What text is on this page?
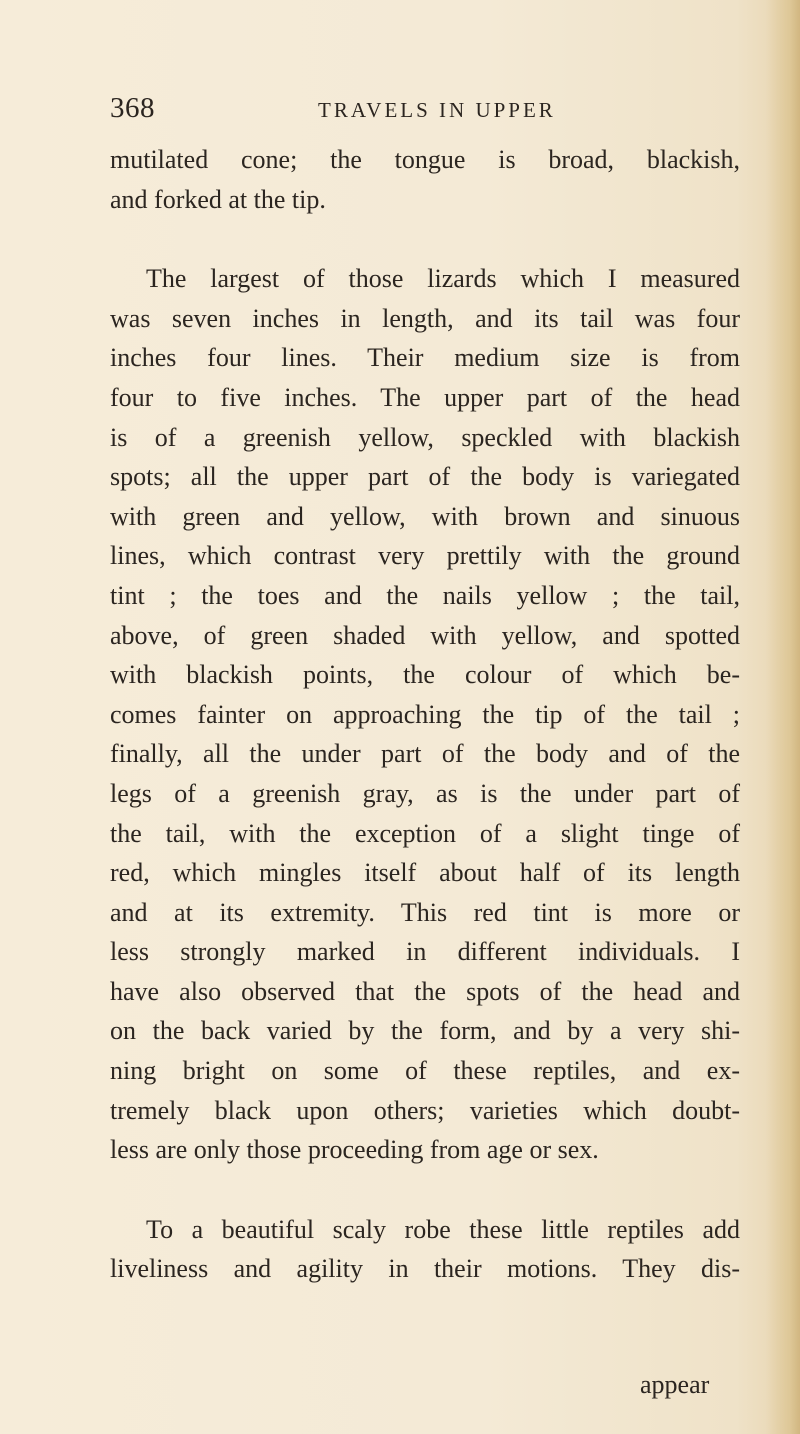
368	TRAVELS IN UPPER
mutilated cone; the tongue is broad, blackish,
and forked at the tip.
The largest of those lizards which I measured
was seven inches in length, and its tail was four
inches four lines. Their medium size is from
four to five inches. The upper part of the head
is of a greenish yellow, speckled with blackish
spots; all the upper part of the body is variegated
with green and yellow, with brown and sinuous
lines, which contrast very prettily with the ground
tint ; the toes and the nails yellow ; the tail,
above, of green shaded with yellow, and spotted
with blackish points, the colour of which be-
comes fainter on approaching the tip of the tail ;
finally, all the under part of the body and of the
legs of a greenish gray, as is the under part of
the tail, with the exception of a slight tinge of
red, which mingles itself about half of its length
and at its extremity. This red tint is more or
less strongly marked in different individuals. I
have also observed that the spots of the head and
on the back varied by the form, and by a very shi-
ning bright on some of these reptiles, and ex-
tremely black upon others; varieties which doubt-
less are only those proceeding from age or sex.
To a beautiful scaly robe these little reptiles add
liveliness and agility in their motions. They dis-
appear
